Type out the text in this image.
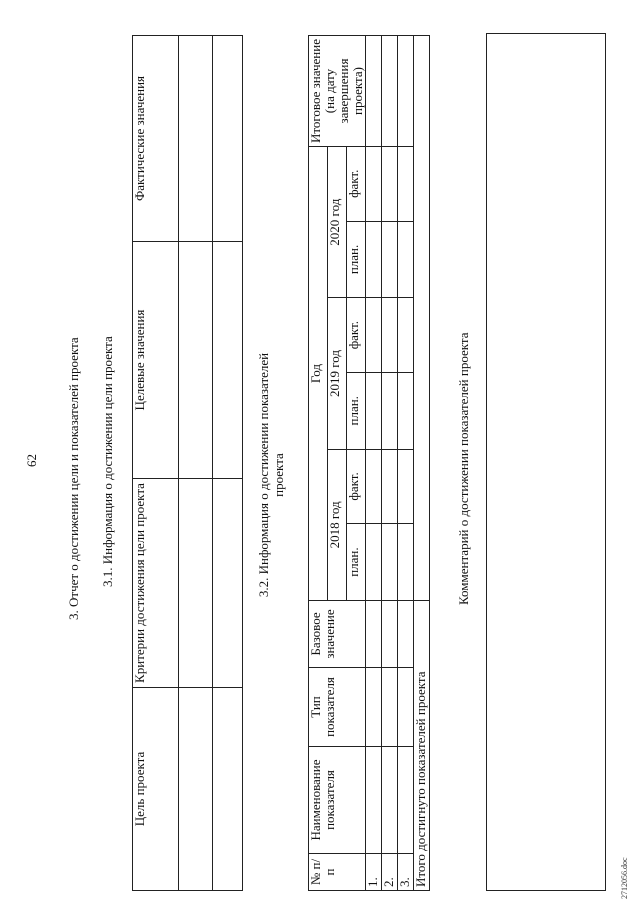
62 3. Отчет о достижении цели и показателей проекта 3.1. Информация о достижении цели проекта
Цель проекта	Критерии достижения цели проекта	Целевые значения	Фактические значения

3.2. Информация о достижении показателей проекта
№ п/п	Наименование показателя	Тип показателя	Базовое значение	Год						Итоговое значение (на дату завершения проекта)
				2018 год		2019 год		2020 год		
				план.	факт.	план.	факт.	план.	факт.	
1.										
2.										
3.										
Итого достигнуто показателей проекта										
Комментарий о достижении показателей проекта
2712056.doc
